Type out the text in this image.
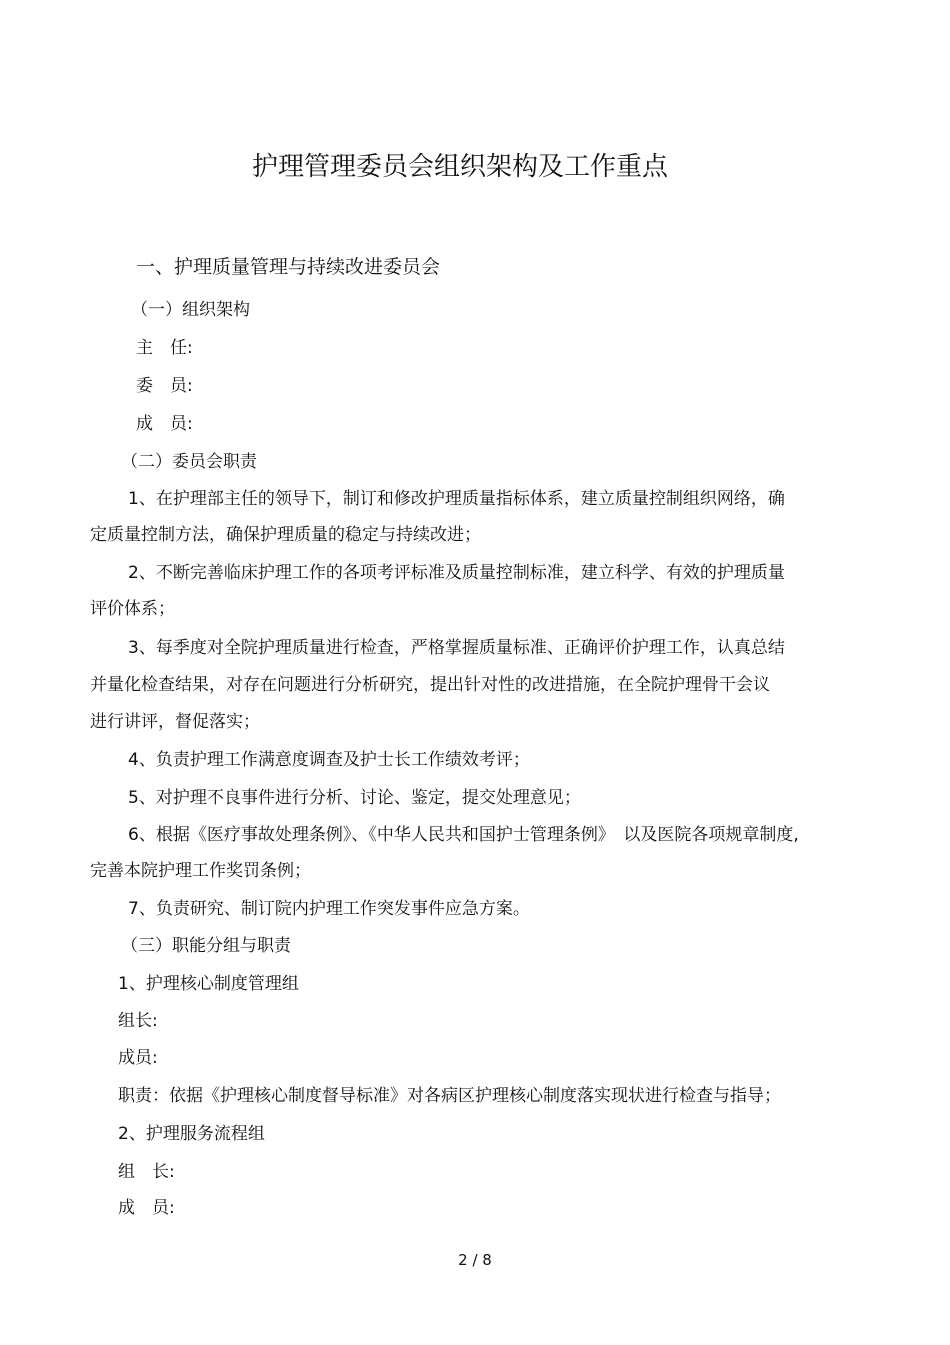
护理管理委员会组织架构及工作重点
一、护理质量管理与持续改进委员会
（一）组织架构
主　任:
委　员:
成　员:
（二）委员会职责
1、在护理部主任的领导下，制订和修改护理质量指标体系，建立质量控制组织网络，确
定质量控制方法，确保护理质量的稳定与持续改进；
2、不断完善临床护理工作的各项考评标准及质量控制标准，建立科学、有效的护理质量
评价体系；
3、每季度对全院护理质量进行检查，严格掌握质量标准、正确评价护理工作，认真总结
并量化检查结果，对存在问题进行分析研究，提出针对性的改进措施，在全院护理骨干会议
进行讲评，督促落实；
4、负责护理工作满意度调查及护士长工作绩效考评；
5、对护理不良事件进行分析、讨论、鉴定，提交处理意见；
6、根据《医疗事故处理条例》、《中华人民共和国护士管理条例》　以及医院各项规章制度,
完善本院护理工作奖罚条例；
7、负责研究、制订院内护理工作突发事件应急方案。
（三）职能分组与职责
1、护理核心制度管理组
组长:
成员:
职责：依据《护理核心制度督导标准》对各病区护理核心制度落实现状进行检查与指导；
2、护理服务流程组
组　长:
成　员:
2 / 8
